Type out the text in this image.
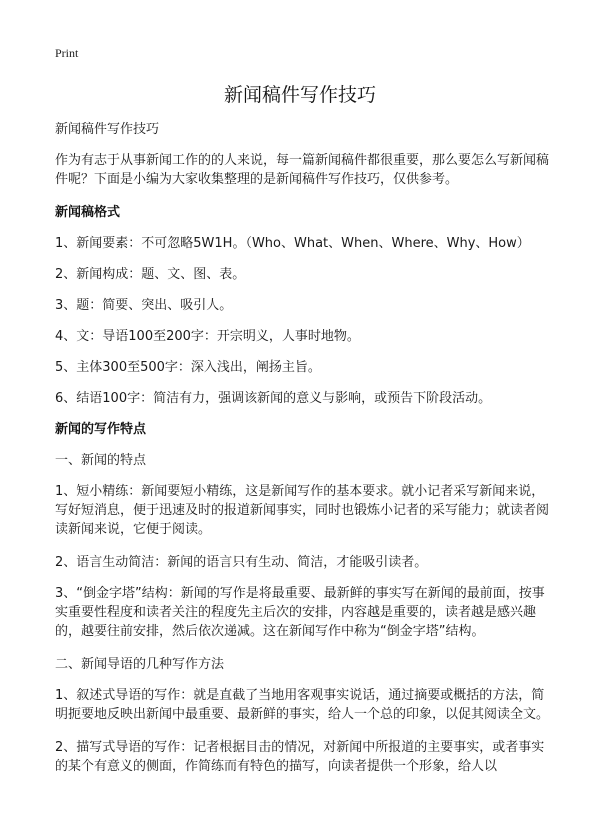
Print
新闻稿件写作技巧

新闻稿件写作技巧

作为有志于从事新闻工作的的人来说，每一篇新闻稿件都很重要，那么要怎么写新闻稿件呢？下面是小编为大家收集整理的是新闻稿件写作技巧，仅供参考。

新闻稿格式

1、新闻要素：不可忽略5W1H。（Who、What、When、Where、Why、How）

2、新闻构成：题、文、图、表。

3、题：简要、突出、吸引人。

4、文：导语100至200字：开宗明义，人事时地物。

5、主体300至500字：深入浅出，阐扬主旨。

6、结语100字：简洁有力，强调该新闻的意义与影响，或预告下阶段活动。

新闻的写作特点

一、新闻的特点

1、短小精练：新闻要短小精练，这是新闻写作的基本要求。就小记者采写新闻来说，写好短消息，便于迅速及时的报道新闻事实，同时也锻炼小记者的采写能力；就读者阅读新闻来说，它便于阅读。

2、语言生动简洁：新闻的语言只有生动、简洁，才能吸引读者。

3、“倒金字塔”结构：新闻的写作是将最重要、最新鲜的事实写在新闻的最前面，按事实重要性程度和读者关注的程度先主后次的安排，内容越是重要的，读者越是感兴趣的，越要往前安排，然后依次递减。这在新闻写作中称为“倒金字塔”结构。

二、新闻导语的几种写作方法

1、叙述式导语的写作：就是直截了当地用客观事实说话，通过摘要或概括的方法，简明扼要地反映出新闻中最重要、最新鲜的事实，给人一个总的印象，以促其阅读全文。

2、描写式导语的写作：记者根据目击的情况，对新闻中所报道的主要事实，或者事实的某个有意义的侧面，作简练而有特色的描写，向读者提供一个形象，给人以
